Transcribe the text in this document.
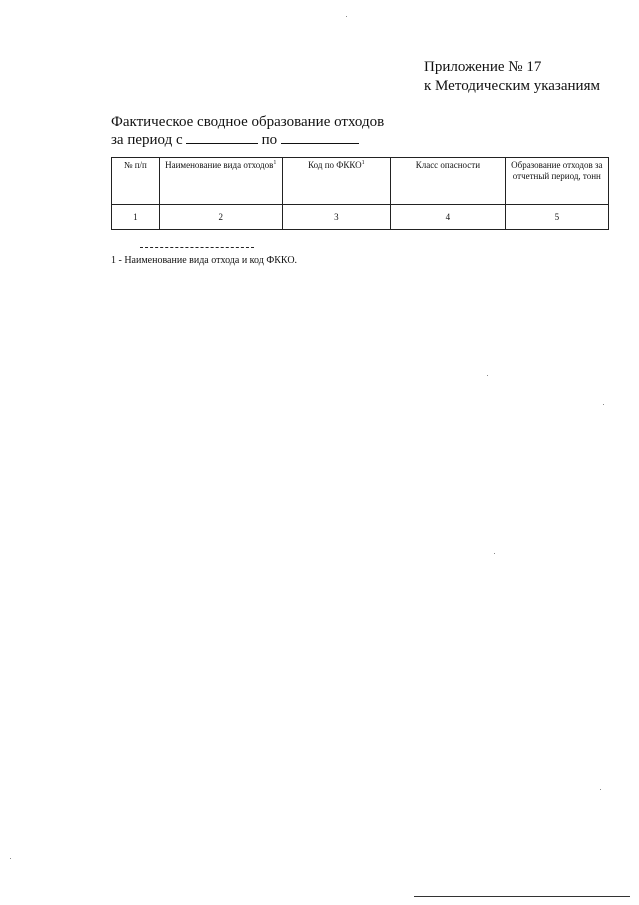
Приложение № 17
к Методическим указаниям
Фактическое сводное образование отходов
за период с	по
№ п/п	Наименование вида отходов$^1$	Код по ФККО$^1$	Класс опасности	Образование отходов за отчетный период, тонн
1	2	3	4	5
1 - Наименование вида отхода и код ФККО.
